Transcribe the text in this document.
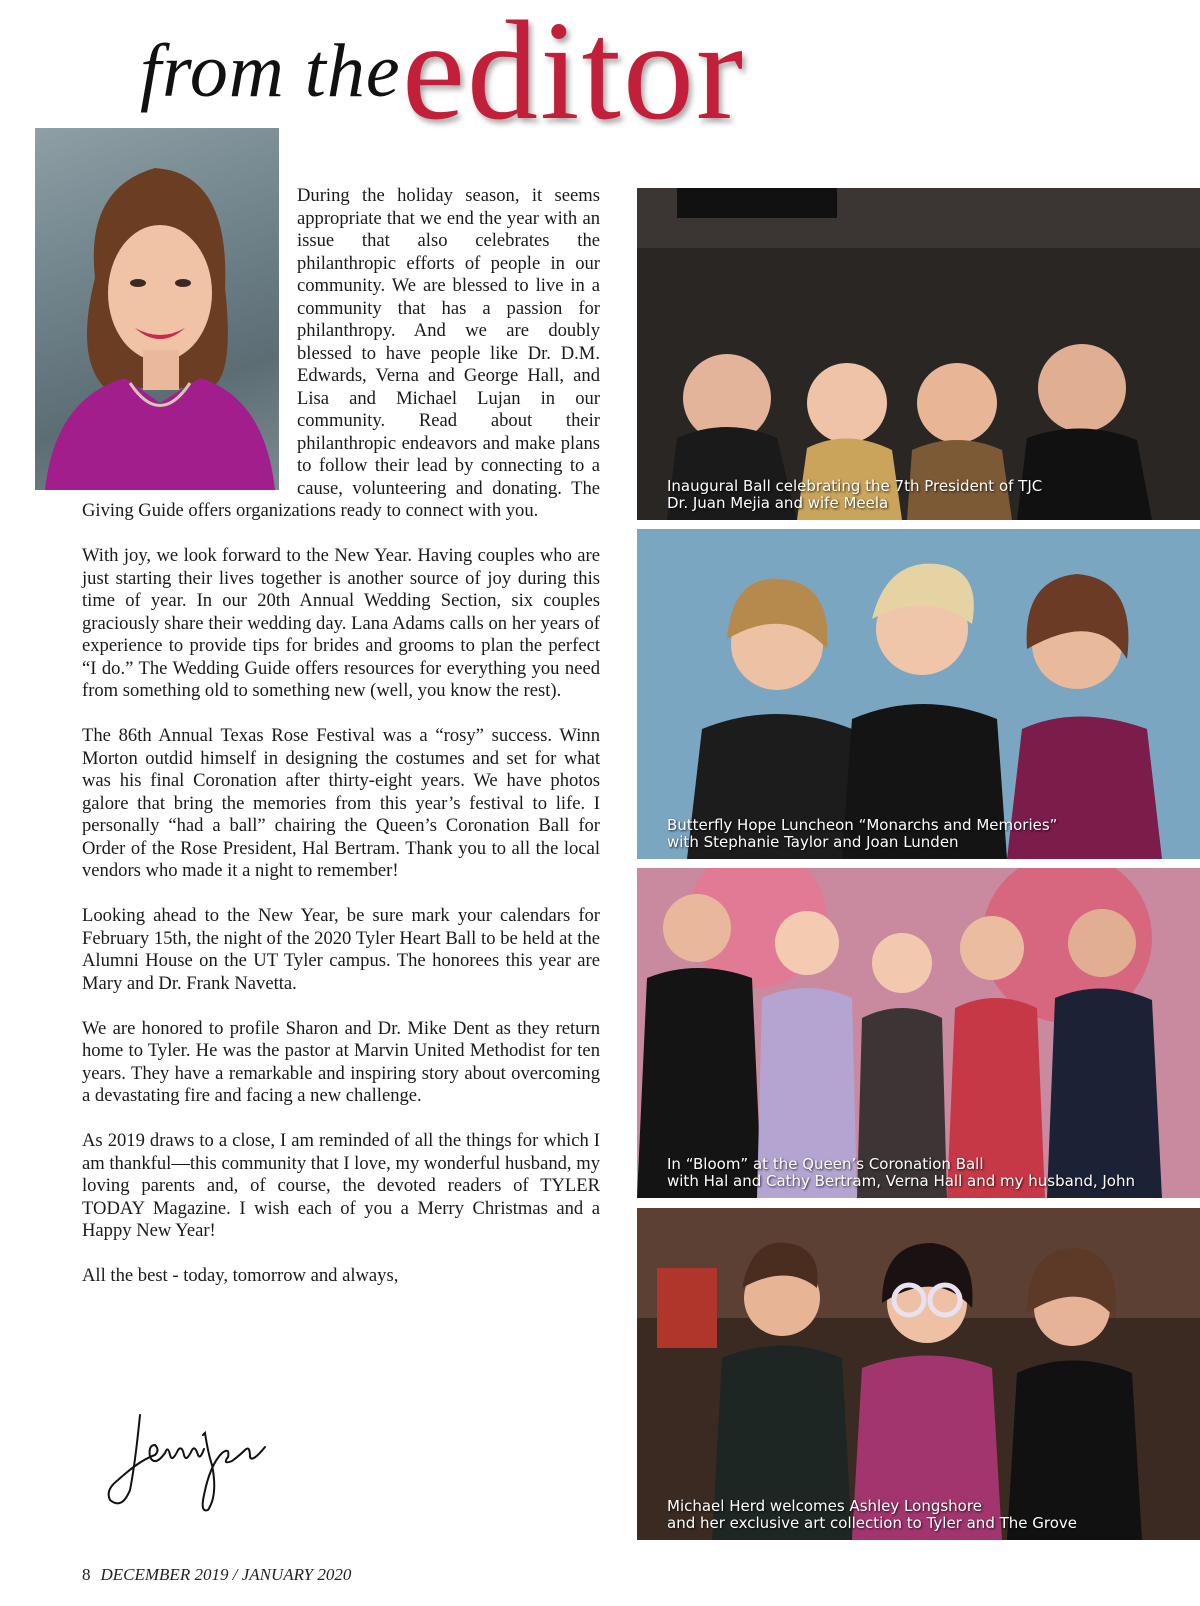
from the editor

During the holiday season, it seems appropriate that we end the year with an issue that also celebrates the philanthropic efforts of people in our community. We are blessed to live in a community that has a passion for philanthropy. And we are doubly blessed to have people like Dr. D.M. Edwards, Verna and George Hall, and Lisa and Michael Lujan in our community. Read about their philanthropic endeavors and make plans to follow their lead by connecting to a cause, volunteering and donating. The Giving Guide offers organizations ready to connect with you.

With joy, we look forward to the New Year. Having couples who are just starting their lives together is another source of joy during this time of year. In our 20th Annual Wedding Section, six couples graciously share their wedding day. Lana Adams calls on her years of experience to provide tips for brides and grooms to plan the perfect “I do.” The Wedding Guide offers resources for everything you need from something old to something new (well, you know the rest).

The 86th Annual Texas Rose Festival was a “rosy” success. Winn Morton outdid himself in designing the costumes and set for what was his final Coronation after thirty-eight years. We have photos galore that bring the memories from this year’s festival to life. I personally “had a ball” chairing the Queen’s Coronation Ball for Order of the Rose President, Hal Bertram. Thank you to all the local vendors who made it a night to remember!

Looking ahead to the New Year, be sure mark your calendars for February 15th, the night of the 2020 Tyler Heart Ball to be held at the Alumni House on the UT Tyler campus. The honorees this year are Mary and Dr. Frank Navetta.

We are honored to profile Sharon and Dr. Mike Dent as they return home to Tyler. He was the pastor at Marvin United Methodist for ten years. They have a remarkable and inspiring story about overcoming a devastating fire and facing a new challenge.

As 2019 draws to a close, I am reminded of all the things for which I am thankful—this community that I love, my wonderful husband, my loving parents and, of course, the devoted readers of TYLER TODAY Magazine. I wish each of you a Merry Christmas and a Happy New Year!

All the best - today, tomorrow and always,

8 DECEMBER 2019 / JANUARY 2020
Inaugural Ball celebrating the 7th President of TJC
Dr. Juan Mejia and wife Meela
Butterfly Hope Luncheon “Monarchs and Memories”
with Stephanie Taylor and Joan Lunden
In “Bloom” at the Queen’s Coronation Ball
with Hal and Cathy Bertram, Verna Hall and my husband, John
Michael Herd welcomes Ashley Longshore
and her exclusive art collection to Tyler and The Grove
